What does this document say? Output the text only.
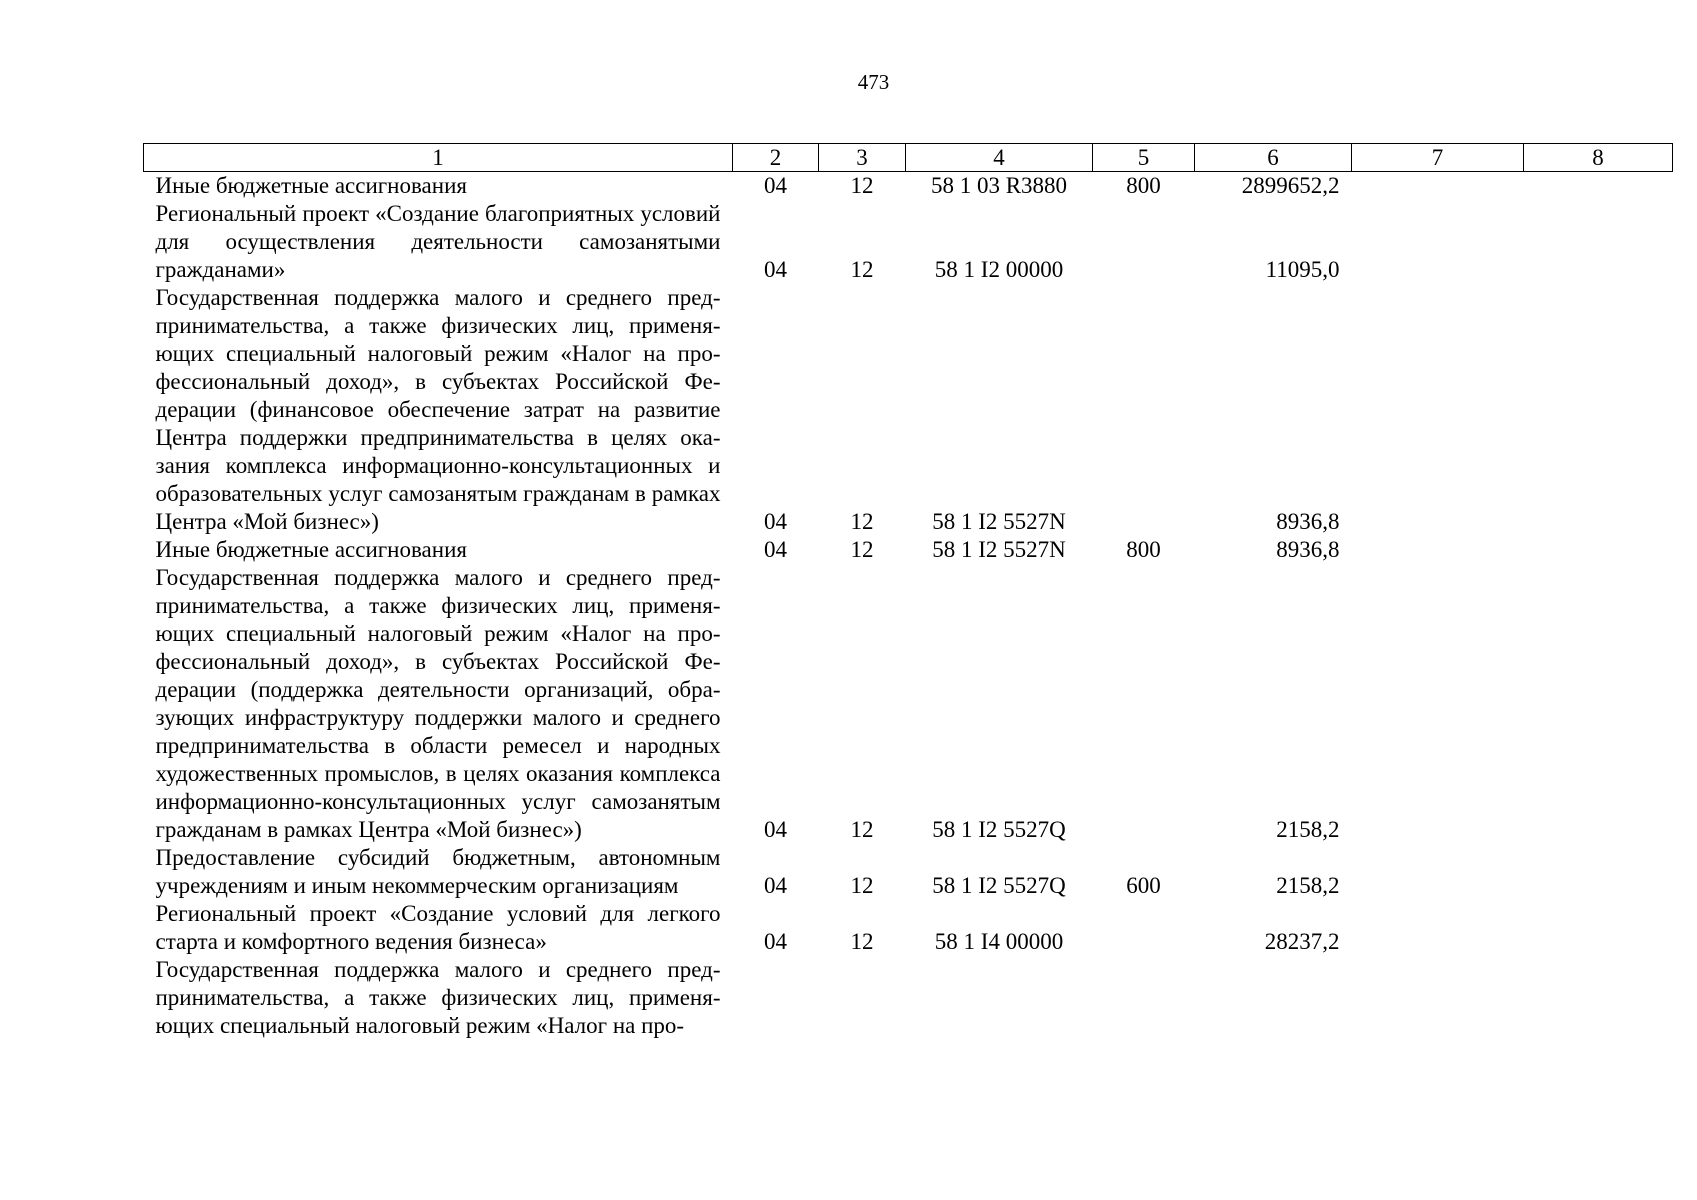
473
1	2	3	4	5	6	7	8
Иные бюджетные ассигнования	04	12	58 1 03 R3880	800	2899652,2		
Региональный проект «Создание благоприятных условий для осуществления деятельности самозанятыми гражданами»	04	12	58 1 I2 00000		11095,0		
Государственная поддержка малого и среднего предпринимательства, а также физических лиц, применяющих специальный налоговый режим «Налог на профессиональный доход», в субъектах Российской Федерации (финансовое обеспечение затрат на развитие Центра поддержки предпринимательства в целях оказания комплекса информационно-консультационных и образовательных услуг самозанятым гражданам в рамках Центра «Мой бизнес»)	04	12	58 1 I2 5527N		8936,8		
Иные бюджетные ассигнования	04	12	58 1 I2 5527N	800	8936,8		
Государственная поддержка малого и среднего предпринимательства, а также физических лиц, применяющих специальный налоговый режим «Налог на профессиональный доход», в субъектах Российской Федерации (поддержка деятельности организаций, образующих инфраструктуру поддержки малого и среднего предпринимательства в области ремесел и народных художественных промыслов, в целях оказания комплекса информационно-консультационных услуг самозанятым гражданам в рамках Центра «Мой бизнес»)	04	12	58 1 I2 5527Q		2158,2		
Предоставление субсидий бюджетным, автономным учреждениям и иным некоммерческим организациям	04	12	58 1 I2 5527Q	600	2158,2		
Региональный проект «Создание условий для легкого старта и комфортного ведения бизнеса»	04	12	58 1 I4 00000		28237,2		
Государственная поддержка малого и среднего предпринимательства, а также физических лиц, применяющих специальный налоговый режим «Налог на про-							
